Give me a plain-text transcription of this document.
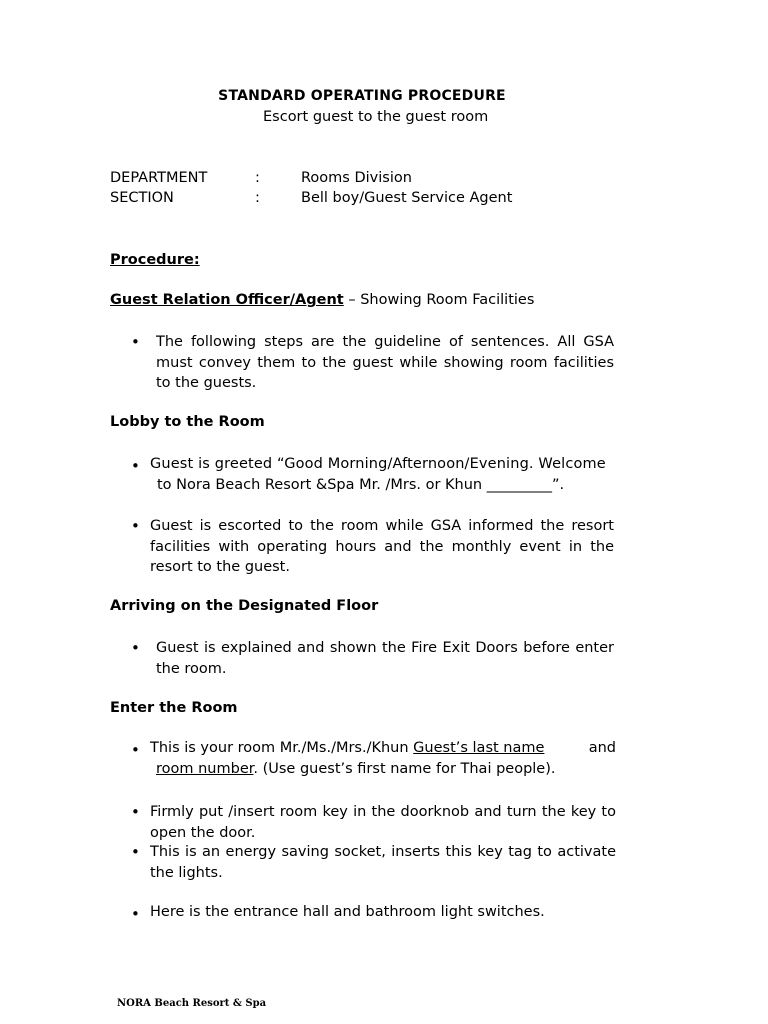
STANDARD OPERATING PROCEDURE
Escort guest to the guest room
DEPARTMENT	:	Rooms Division
SECTION	:	Bell boy/Guest Service Agent
Procedure:
Guest Relation Officer/Agent – Showing Room Facilities
• The following steps are the guideline of sentences. All GSA must convey them to the guest while showing room facilities to the guests.
Lobby to the Room
• Guest is greeted “Good Morning/Afternoon/Evening. Welcome
to Nora Beach Resort &Spa Mr. /Mrs. or Khun _________”.
• Guest is escorted to the room while GSA informed the resort facilities with operating hours and the monthly event in the resort to the guest.
Arriving on the Designated Floor
• Guest is explained and shown the Fire Exit Doors before enter the room.
Enter the Room
• This is your room Mr./Ms./Mrs./Khun Guest’s last name	and
room number. (Use guest’s first name for Thai people).
• Firmly put /insert room key in the doorknob and turn the key to open the door.
• This is an energy saving socket, inserts this key tag to activate the lights.
• Here is the entrance hall and bathroom light switches.
NORA Beach Resort & Spa
